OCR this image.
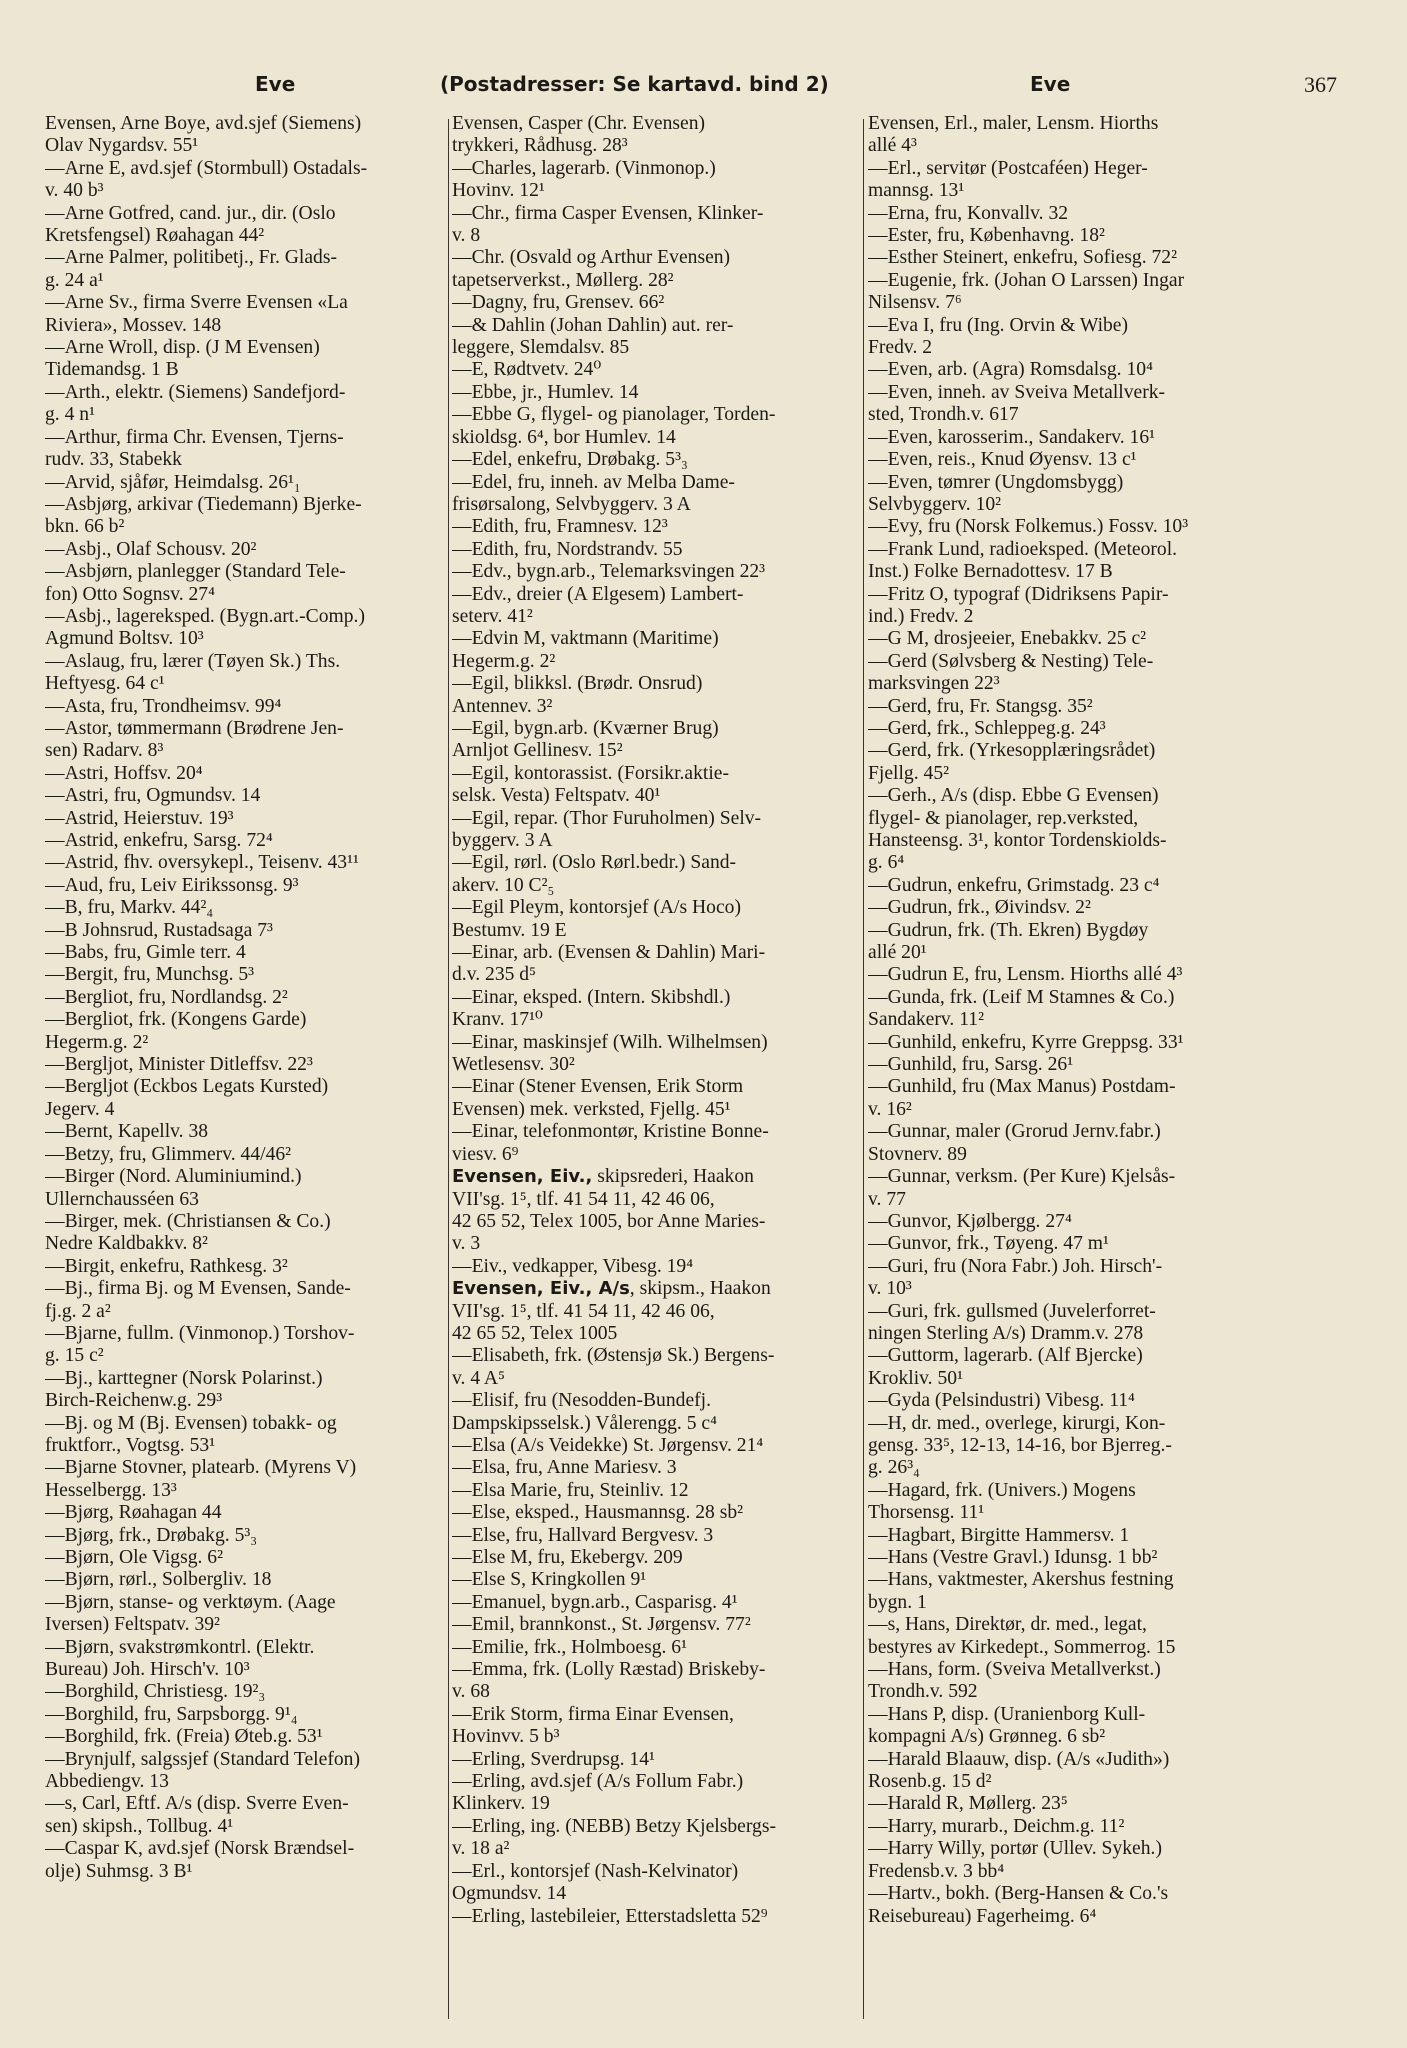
Eve	(Postadresser: Se kartavd. bind 2)	Eve	367
Evensen, Arne Boye, avd.sjef (Siemens)
Olav Nygardsv. 55¹
—Arne E, avd.sjef (Stormbull) Ostadals-
v. 40 b³
—Arne Gotfred, cand. jur., dir. (Oslo
Kretsfengsel) Røahagan 44²
—Arne Palmer, politibetj., Fr. Glads-
g. 24 a¹
—Arne Sv., firma Sverre Evensen «La
Riviera», Mossev. 148
—Arne Wroll, disp. (J M Evensen)
Tidemandsg. 1 B
—Arth., elektr. (Siemens) Sandefjord-
g. 4 n¹
—Arthur, firma Chr. Evensen, Tjerns-
rudv. 33, Stabekk
—Arvid, sjåfør, Heimdalsg. 26¹₁
—Asbjørg, arkivar (Tiedemann) Bjerke-
bkn. 66 b²
—Asbj., Olaf Schousv. 20²
—Asbjørn, planlegger (Standard Tele-
fon) Otto Sognsv. 27⁴
—Asbj., lagereksped. (Bygn.art.-Comp.)
Agmund Boltsv. 10³
—Aslaug, fru, lærer (Tøyen Sk.) Ths.
Heftyesg. 64 c¹
—Asta, fru, Trondheimsv. 99⁴
—Astor, tømmermann (Brødrene Jen-
sen) Radarv. 8³
—Astri, Hoffsv. 20⁴
—Astri, fru, Ogmundsv. 14
—Astrid, Heierstuv. 19³
—Astrid, enkefru, Sarsg. 72⁴
—Astrid, fhv. oversykepl., Teisenv. 43¹¹
—Aud, fru, Leiv Eirikssonsg. 9³
—B, fru, Markv. 44²₄
—B Johnsrud, Rustadsaga 7³
—Babs, fru, Gimle terr. 4
—Bergit, fru, Munchsg. 5³
—Bergliot, fru, Nordlandsg. 2²
—Bergliot, frk. (Kongens Garde)
Hegerm.g. 2²
—Bergljot, Minister Ditleffsv. 22³
—Bergljot (Eckbos Legats Kursted)
Jegerv. 4
—Bernt, Kapellv. 38
—Betzy, fru, Glimmerv. 44/46²
—Birger (Nord. Aluminiumind.)
Ullernchausséen 63
—Birger, mek. (Christiansen & Co.)
Nedre Kaldbakkv. 8²
—Birgit, enkefru, Rathkesg. 3²
—Bj., firma Bj. og M Evensen, Sande-
fj.g. 2 a²
—Bjarne, fullm. (Vinmonop.) Torshov-
g. 15 c²
—Bj., karttegner (Norsk Polarinst.)
Birch-Reichenw.g. 29³
—Bj. og M (Bj. Evensen) tobakk- og
fruktforr., Vogtsg. 53¹
—Bjarne Stovner, platearb. (Myrens V)
Hesselbergg. 13³
—Bjørg, Røahagan 44
—Bjørg, frk., Drøbakg. 5³₃
—Bjørn, Ole Vigsg. 6²
—Bjørn, rørl., Solbergliv. 18
—Bjørn, stanse- og verktøym. (Aage
Iversen) Feltspatv. 39²
—Bjørn, svakstrømkontrl. (Elektr.
Bureau) Joh. Hirsch'v. 10³
—Borghild, Christiesg. 19²₃
—Borghild, fru, Sarpsborgg. 9¹₄
—Borghild, frk. (Freia) Øteb.g. 53¹
—Brynjulf, salgssjef (Standard Telefon)
Abbediengv. 13
—s, Carl, Eftf. A/s (disp. Sverre Even-
sen) skipsh., Tollbug. 4¹
—Caspar K, avd.sjef (Norsk Brændsel-
olje) Suhmsg. 3 B¹
Evensen, Casper (Chr. Evensen)
trykkeri, Rådhusg. 28³
—Charles, lagerarb. (Vinmonop.)
Hovinv. 12¹
—Chr., firma Casper Evensen, Klinker-
v. 8
—Chr. (Osvald og Arthur Evensen)
tapetserverkst., Møllerg. 28²
—Dagny, fru, Grensev. 66²
—& Dahlin (Johan Dahlin) aut. rer-
leggere, Slemdalsv. 85
—E, Rødtvetv. 24⁰
—Ebbe, jr., Humlev. 14
—Ebbe G, flygel- og pianolager, Torden-
skioldsg. 6⁴, bor Humlev. 14
—Edel, enkefru, Drøbakg. 5³₃
—Edel, fru, inneh. av Melba Dame-
frisørsalong, Selvbyggerv. 3 A
—Edith, fru, Framnesv. 12³
—Edith, fru, Nordstrandv. 55
—Edv., bygn.arb., Telemarksvingen 22³
—Edv., dreier (A Elgesem) Lambert-
seterv. 41²
—Edvin M, vaktmann (Maritime)
Hegerm.g. 2²
—Egil, blikksl. (Brødr. Onsrud)
Antennev. 3²
—Egil, bygn.arb. (Kværner Brug)
Arnljot Gellinesv. 15²
—Egil, kontorassist. (Forsikr.aktie-
selsk. Vesta) Feltspatv. 40¹
—Egil, repar. (Thor Furuholmen) Selv-
byggerv. 3 A
—Egil, rørl. (Oslo Rørl.bedr.) Sand-
akerv. 10 C²₅
—Egil Pleym, kontorsjef (A/s Hoco)
Bestumv. 19 E
—Einar, arb. (Evensen & Dahlin) Mari-
d.v. 235 d⁵
—Einar, eksped. (Intern. Skibshdl.)
Kranv. 17¹⁰
—Einar, maskinsjef (Wilh. Wilhelmsen)
Wetlesensv. 30²
—Einar (Stener Evensen, Erik Storm
Evensen) mek. verksted, Fjellg. 45¹
—Einar, telefonmontør, Kristine Bonne-
viesv. 6⁹
Evensen, Eiv., skipsrederi, Haakon
VII'sg. 1⁵, tlf. 41 54 11, 42 46 06,
42 65 52, Telex 1005, bor Anne Maries-
v. 3
—Eiv., vedkapper, Vibesg. 19⁴
Evensen, Eiv., A/s, skipsm., Haakon
VII'sg. 1⁵, tlf. 41 54 11, 42 46 06,
42 65 52, Telex 1005
—Elisabeth, frk. (Østensjø Sk.) Bergens-
v. 4 A⁵
—Elisif, fru (Nesodden-Bundefj.
Dampskipsselsk.) Vålerengg. 5 c⁴
—Elsa (A/s Veidekke) St. Jørgensv. 21⁴
—Elsa, fru, Anne Mariesv. 3
—Elsa Marie, fru, Steinliv. 12
—Else, eksped., Hausmannsg. 28 sb²
—Else, fru, Hallvard Bergvesv. 3
—Else M, fru, Ekebergv. 209
—Else S, Kringkollen 9¹
—Emanuel, bygn.arb., Casparisg. 4¹
—Emil, brannkonst., St. Jørgensv. 77²
—Emilie, frk., Holmboesg. 6¹
—Emma, frk. (Lolly Ræstad) Briskeby-
v. 68
—Erik Storm, firma Einar Evensen,
Hovinvv. 5 b³
—Erling, Sverdrupsg. 14¹
—Erling, avd.sjef (A/s Follum Fabr.)
Klinkerv. 19
—Erling, ing. (NEBB) Betzy Kjelsbergs-
v. 18 a²
—Erl., kontorsjef (Nash-Kelvinator)
Ogmundsv. 14
—Erling, lastebileier, Etterstadsletta 52⁹
Evensen, Erl., maler, Lensm. Hiorths
allé 4³
—Erl., servitør (Postcaféen) Heger-
mannsg. 13¹
—Erna, fru, Konvallv. 32
—Ester, fru, Københavng. 18²
—Esther Steinert, enkefru, Sofiesg. 72²
—Eugenie, frk. (Johan O Larssen) Ingar
Nilsensv. 7⁶
—Eva I, fru (Ing. Orvin & Wibe)
Fredv. 2
—Even, arb. (Agra) Romsdalsg. 10⁴
—Even, inneh. av Sveiva Metallverk-
sted, Trondh.v. 617
—Even, karosserim., Sandakerv. 16¹
—Even, reis., Knud Øyensv. 13 c¹
—Even, tømrer (Ungdomsbygg)
Selvbyggerv. 10²
—Evy, fru (Norsk Folkemus.) Fossv. 10³
—Frank Lund, radioeksped. (Meteorol.
Inst.) Folke Bernadottesv. 17 B
—Fritz O, typograf (Didriksens Papir-
ind.) Fredv. 2
—G M, drosjeeier, Enebakkv. 25 c²
—Gerd (Sølvsberg & Nesting) Tele-
marksvingen 22³
—Gerd, fru, Fr. Stangsg. 35²
—Gerd, frk., Schleppeg.g. 24³
—Gerd, frk. (Yrkesopplæringsrådet)
Fjellg. 45²
—Gerh., A/s (disp. Ebbe G Evensen)
flygel- & pianolager, rep.verksted,
Hansteensg. 3¹, kontor Tordenskiolds-
g. 6⁴
—Gudrun, enkefru, Grimstadg. 23 c⁴
—Gudrun, frk., Øivindsv. 2²
—Gudrun, frk. (Th. Ekren) Bygdøy
allé 20¹
—Gudrun E, fru, Lensm. Hiorths allé 4³
—Gunda, frk. (Leif M Stamnes & Co.)
Sandakerv. 11²
—Gunhild, enkefru, Kyrre Greppsg. 33¹
—Gunhild, fru, Sarsg. 26¹
—Gunhild, fru (Max Manus) Postdam-
v. 16²
—Gunnar, maler (Grorud Jernv.fabr.)
Stovnerv. 89
—Gunnar, verksm. (Per Kure) Kjelsås-
v. 77
—Gunvor, Kjølbergg. 27⁴
—Gunvor, frk., Tøyeng. 47 m¹
—Guri, fru (Nora Fabr.) Joh. Hirsch'-
v. 10³
—Guri, frk. gullsmed (Juvelerforret-
ningen Sterling A/s) Dramm.v. 278
—Guttorm, lagerarb. (Alf Bjercke)
Krokliv. 50¹
—Gyda (Pelsindustri) Vibesg. 11⁴
—H, dr. med., overlege, kirurgi, Kon-
gensg. 33⁵, 12-13, 14-16, bor Bjerreg.-
g. 26³₄
—Hagard, frk. (Univers.) Mogens
Thorsensg. 11¹
—Hagbart, Birgitte Hammersv. 1
—Hans (Vestre Gravl.) Idunsg. 1 bb²
—Hans, vaktmester, Akershus festning
bygn. 1
—s, Hans, Direktør, dr. med., legat,
bestyres av Kirkedept., Sommerrog. 15
—Hans, form. (Sveiva Metallverkst.)
Trondh.v. 592
—Hans P, disp. (Uranienborg Kull-
kompagni A/s) Grønneg. 6 sb²
—Harald Blaauw, disp. (A/s «Judith»)
Rosenb.g. 15 d²
—Harald R, Møllerg. 23⁵
—Harry, murarb., Deichm.g. 11²
—Harry Willy, portør (Ullev. Sykeh.)
Fredensb.v. 3 bb⁴
—Hartv., bokh. (Berg-Hansen & Co.'s
Reisebureau) Fagerheimg. 6⁴
